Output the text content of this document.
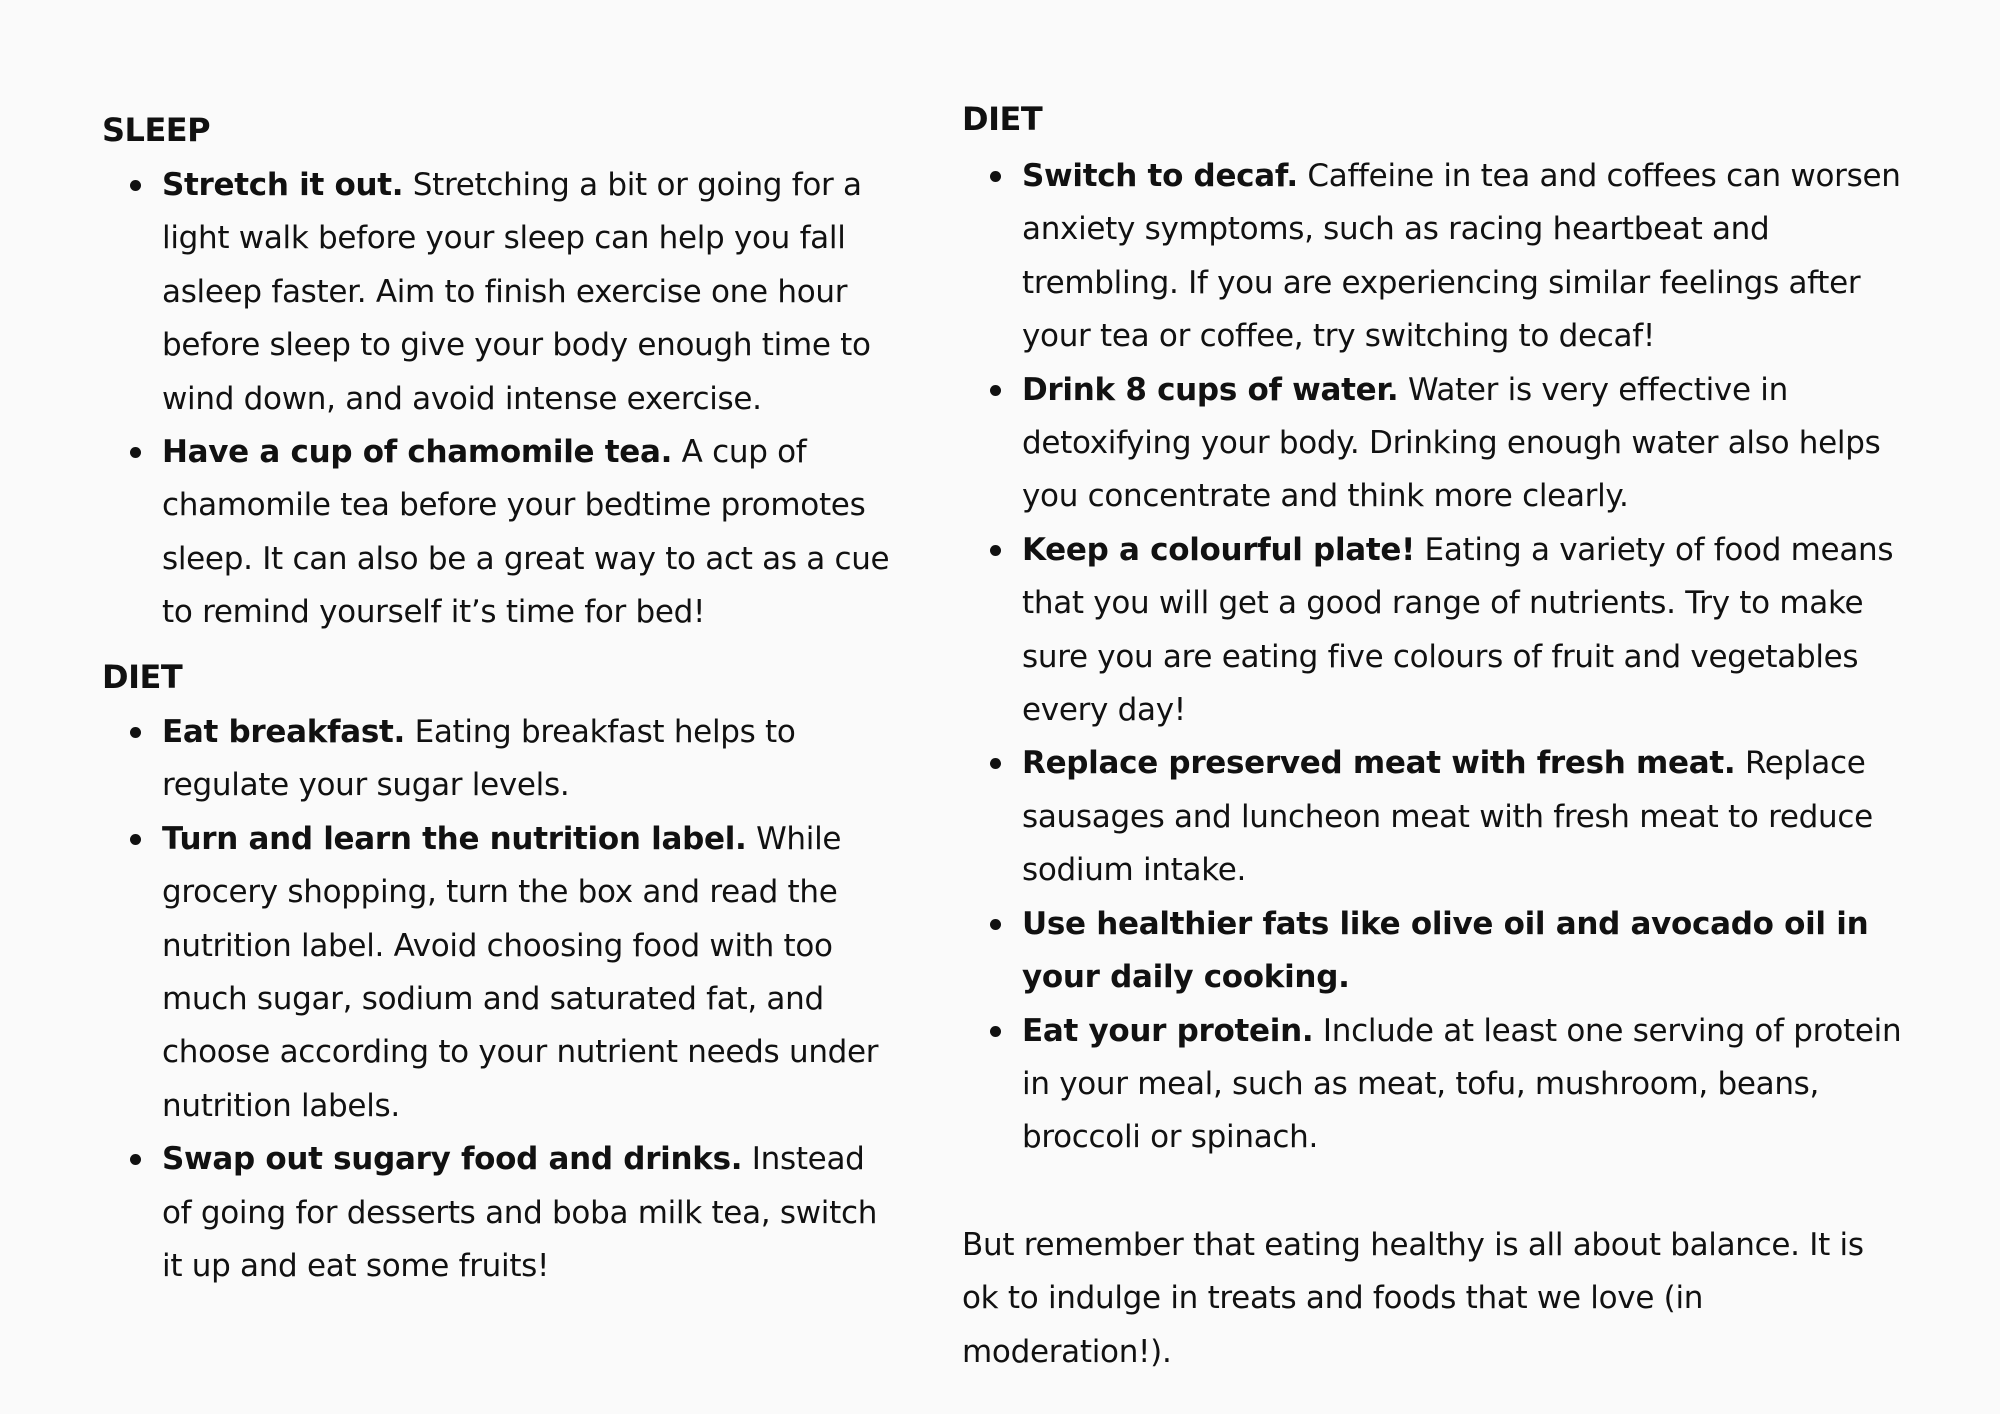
SLEEP
Stretch it out. Stretching a bit or going for a light walk before your sleep can help you fall asleep faster. Aim to finish exercise one hour before sleep to give your body enough time to wind down, and avoid intense exercise.
Have a cup of chamomile tea. A cup of chamomile tea before your bedtime promotes sleep. It can also be a great way to act as a cue to remind yourself it’s time for bed!
DIET
Eat breakfast. Eating breakfast helps to regulate your sugar levels.
Turn and learn the nutrition label. While grocery shopping, turn the box and read the nutrition label. Avoid choosing food with too much sugar, sodium and saturated fat, and choose according to your nutrient needs under nutrition labels.
Swap out sugary food and drinks. Instead of going for desserts and boba milk tea, switch it up and eat some fruits!
DIET
Switch to decaf. Caffeine in tea and coffees can worsen anxiety symptoms, such as racing heartbeat and trembling. If you are experiencing similar feelings after your tea or coffee, try switching to decaf!
Drink 8 cups of water. Water is very effective in detoxifying your body. Drinking enough water also helps you concentrate and think more clearly.
Keep a colourful plate! Eating a variety of food means that you will get a good range of nutrients. Try to make sure you are eating five colours of fruit and vegetables every day!
Replace preserved meat with fresh meat. Replace sausages and luncheon meat with fresh meat to reduce sodium intake.
Use healthier fats like olive oil and avocado oil in your daily cooking.
Eat your protein. Include at least one serving of protein in your meal, such as meat, tofu, mushroom, beans, broccoli or spinach.

But remember that eating healthy is all about balance. It is ok to indulge in treats and foods that we love (in moderation!).
